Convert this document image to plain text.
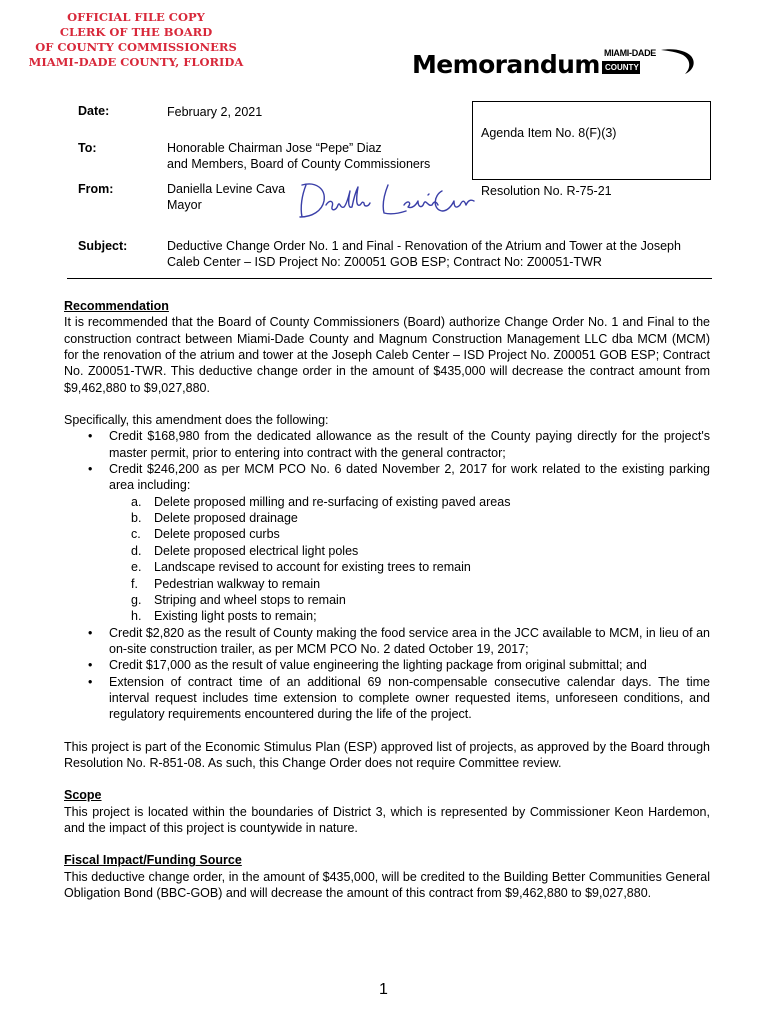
OFFICIAL FILE COPY
CLERK OF THE BOARD
OF COUNTY COMMISSIONERS
MIAMI-DADE COUNTY, FLORIDA	Memorandum MIAMI-DADE
COUNTY
Date:	February 2, 2021
To:	Honorable Chairman Jose “Pepe” Diaz
and Members, Board of County Commissioners
From:	Daniella Levine Cava
Mayor
Agenda Item No. 8(F)(3)
Resolution No. R-75-21
Subject:	Deductive Change Order No. 1 and Final - Renovation of the Atrium and Tower at the Joseph Caleb Center – ISD Project No: Z00051 GOB ESP; Contract No: Z00051-TWR
Recommendation

It is recommended that the Board of County Commissioners (Board) authorize Change Order No. 1 and Final to the construction contract between Miami-Dade County and Magnum Construction Management LLC dba MCM (MCM) for the renovation of the atrium and tower at the Joseph Caleb Center – ISD Project No. Z00051 GOB ESP; Contract No. Z00051-TWR. This deductive change order in the amount of $435,000 will decrease the contract amount from $9,462,880 to $9,027,880.

Specifically, this amendment does the following:

• Credit $168,980 from the dedicated allowance as the result of the County paying directly for the project's master permit, prior to entering into contract with the general contractor;
• Credit $246,200 as per MCM PCO No. 6 dated November 2, 2017 for work related to the existing parking area including:
a. Delete proposed milling and re-surfacing of existing paved areas
b. Delete proposed drainage
c. Delete proposed curbs
d. Delete proposed electrical light poles
e. Landscape revised to account for existing trees to remain
f. Pedestrian walkway to remain
g. Striping and wheel stops to remain
h. Existing light posts to remain;
• Credit $2,820 as the result of County making the food service area in the JCC available to MCM, in lieu of an on-site construction trailer, as per MCM PCO No. 2 dated October 19, 2017;
• Credit $17,000 as the result of value engineering the lighting package from original submittal; and
• Extension of contract time of an additional 69 non-compensable consecutive calendar days. The time interval request includes time extension to complete owner requested items, unforeseen conditions, and regulatory requirements encountered during the life of the project.

This project is part of the Economic Stimulus Plan (ESP) approved list of projects, as approved by the Board through Resolution No. R-851-08. As such, this Change Order does not require Committee review.

Scope

This project is located within the boundaries of District 3, which is represented by Commissioner Keon Hardemon, and the impact of this project is countywide in nature.

Fiscal Impact/Funding Source

This deductive change order, in the amount of $435,000, will be credited to the Building Better Communities General Obligation Bond (BBC-GOB) and will decrease the amount of this contract from $9,462,880 to $9,027,880.

1
